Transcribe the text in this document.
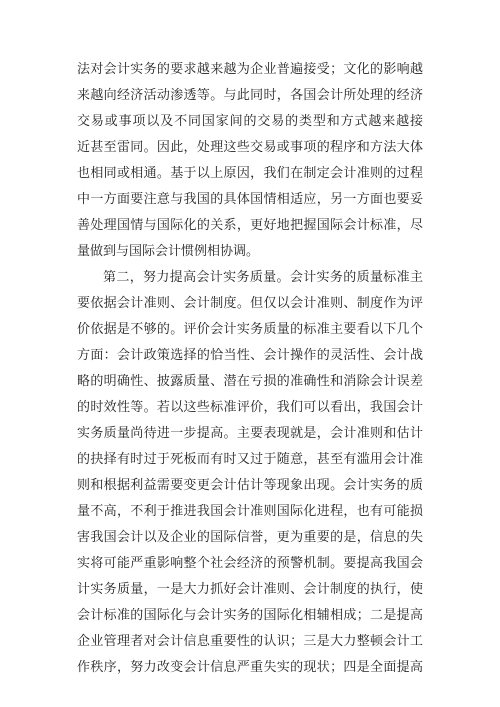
法对会计实务的要求越来越为企业普遍接受；文化的影响越
来越向经济活动渗透等。与此同时，各国会计所处理的经济
交易或事项以及不同国家间的交易的类型和方式越来越接
近甚至雷同。因此，处理这些交易或事项的程序和方法大体
也相同或相通。基于以上原因，我们在制定会计准则的过程
中一方面要注意与我国的具体国情相适应，另一方面也要妥
善处理国情与国际化的关系，更好地把握国际会计标准，尽
量做到与国际会计惯例相协调。
第二，努力提高会计实务质量。会计实务的质量标准主
要依据会计准则、会计制度。但仅以会计准则、制度作为评
价依据是不够的。评价会计实务质量的标准主要看以下几个
方面：会计政策选择的恰当性、会计操作的灵活性、会计战
略的明确性、披露质量、潜在亏损的准确性和消除会计误差
的时效性等。若以这些标准评价，我们可以看出，我国会计
实务质量尚待进一步提高。主要表现就是，会计准则和估计
的抉择有时过于死板而有时又过于随意，甚至有滥用会计准
则和根据利益需要变更会计估计等现象出现。会计实务的质
量不高，不利于推进我国会计准则国际化进程，也有可能损
害我国会计以及企业的国际信誉，更为重要的是，信息的失
实将可能严重影响整个社会经济的预警机制。要提高我国会
计实务质量，一是大力抓好会计准则、会计制度的执行，使
会计标准的国际化与会计实务的国际化相辅相成；二是提高
企业管理者对会计信息重要性的认识；三是大力整顿会计工
作秩序，努力改变会计信息严重失实的现状；四是全面提高
